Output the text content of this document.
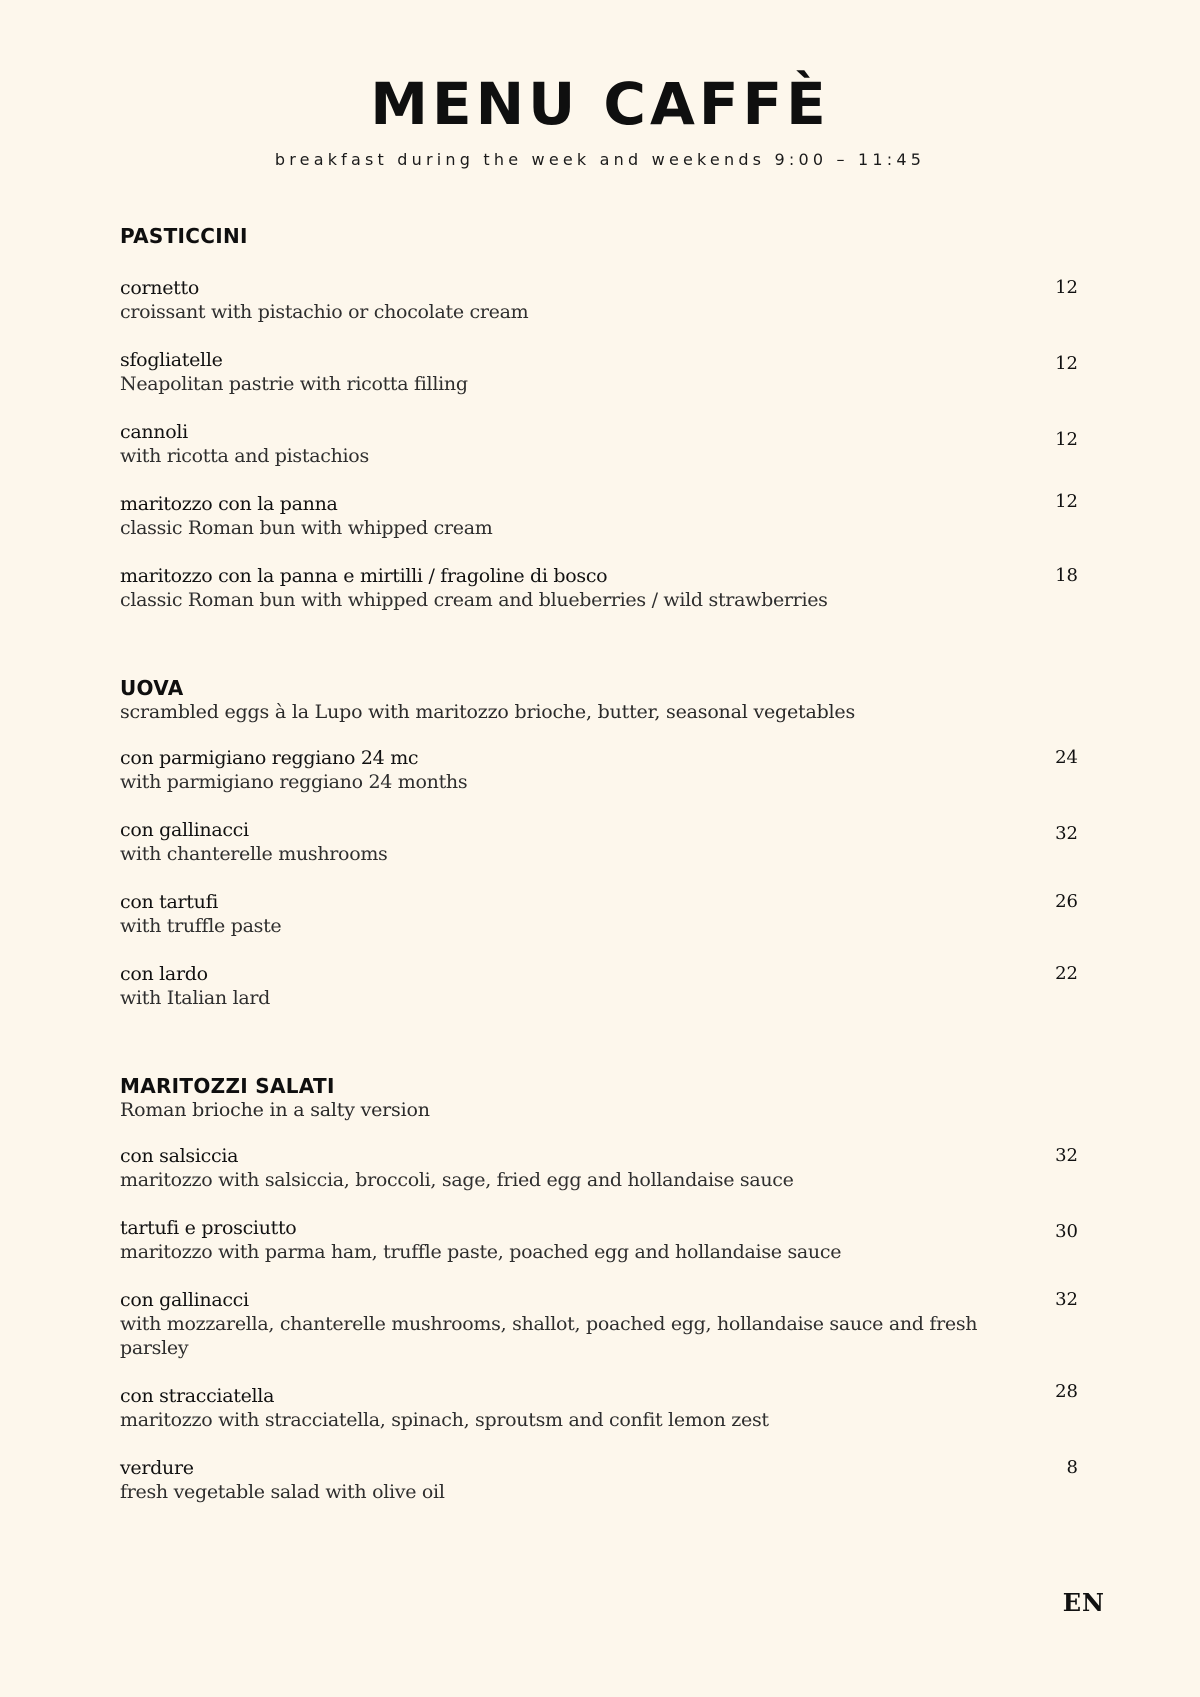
MENU CAFFÈ
breakfast during the week and weekends 9:00 – 11:45
PASTICCINI
cornetto
croissant with pistachio or chocolate cream
12
sfogliatelle
Neapolitan pastrie with ricotta filling
12
cannoli
with ricotta and pistachios
12
maritozzo con la panna
classic Roman bun with whipped cream
12
maritozzo con la panna e mirtilli / fragoline di bosco
classic Roman bun with whipped cream and blueberries / wild strawberries
18
UOVA
scrambled eggs à la Lupo with maritozzo brioche, butter, seasonal vegetables
con parmigiano reggiano 24 mc
with parmigiano reggiano 24 months
24
con gallinacci
with chanterelle mushrooms
32
con tartufi
with truffle paste
26
con lardo
with Italian lard
22
MARITOZZI SALATI
Roman brioche in a salty version
con salsiccia
maritozzo with salsiccia, broccoli, sage, fried egg and hollandaise sauce
32
tartufi e prosciutto
maritozzo with parma ham, truffle paste, poached egg and hollandaise sauce
30
con gallinacci
with mozzarella, chanterelle mushrooms, shallot, poached egg, hollandaise sauce and fresh parsley
32
con stracciatella
maritozzo with stracciatella, spinach, sproutsm and confit lemon zest
28
verdure
fresh vegetable salad with olive oil
8
EN
